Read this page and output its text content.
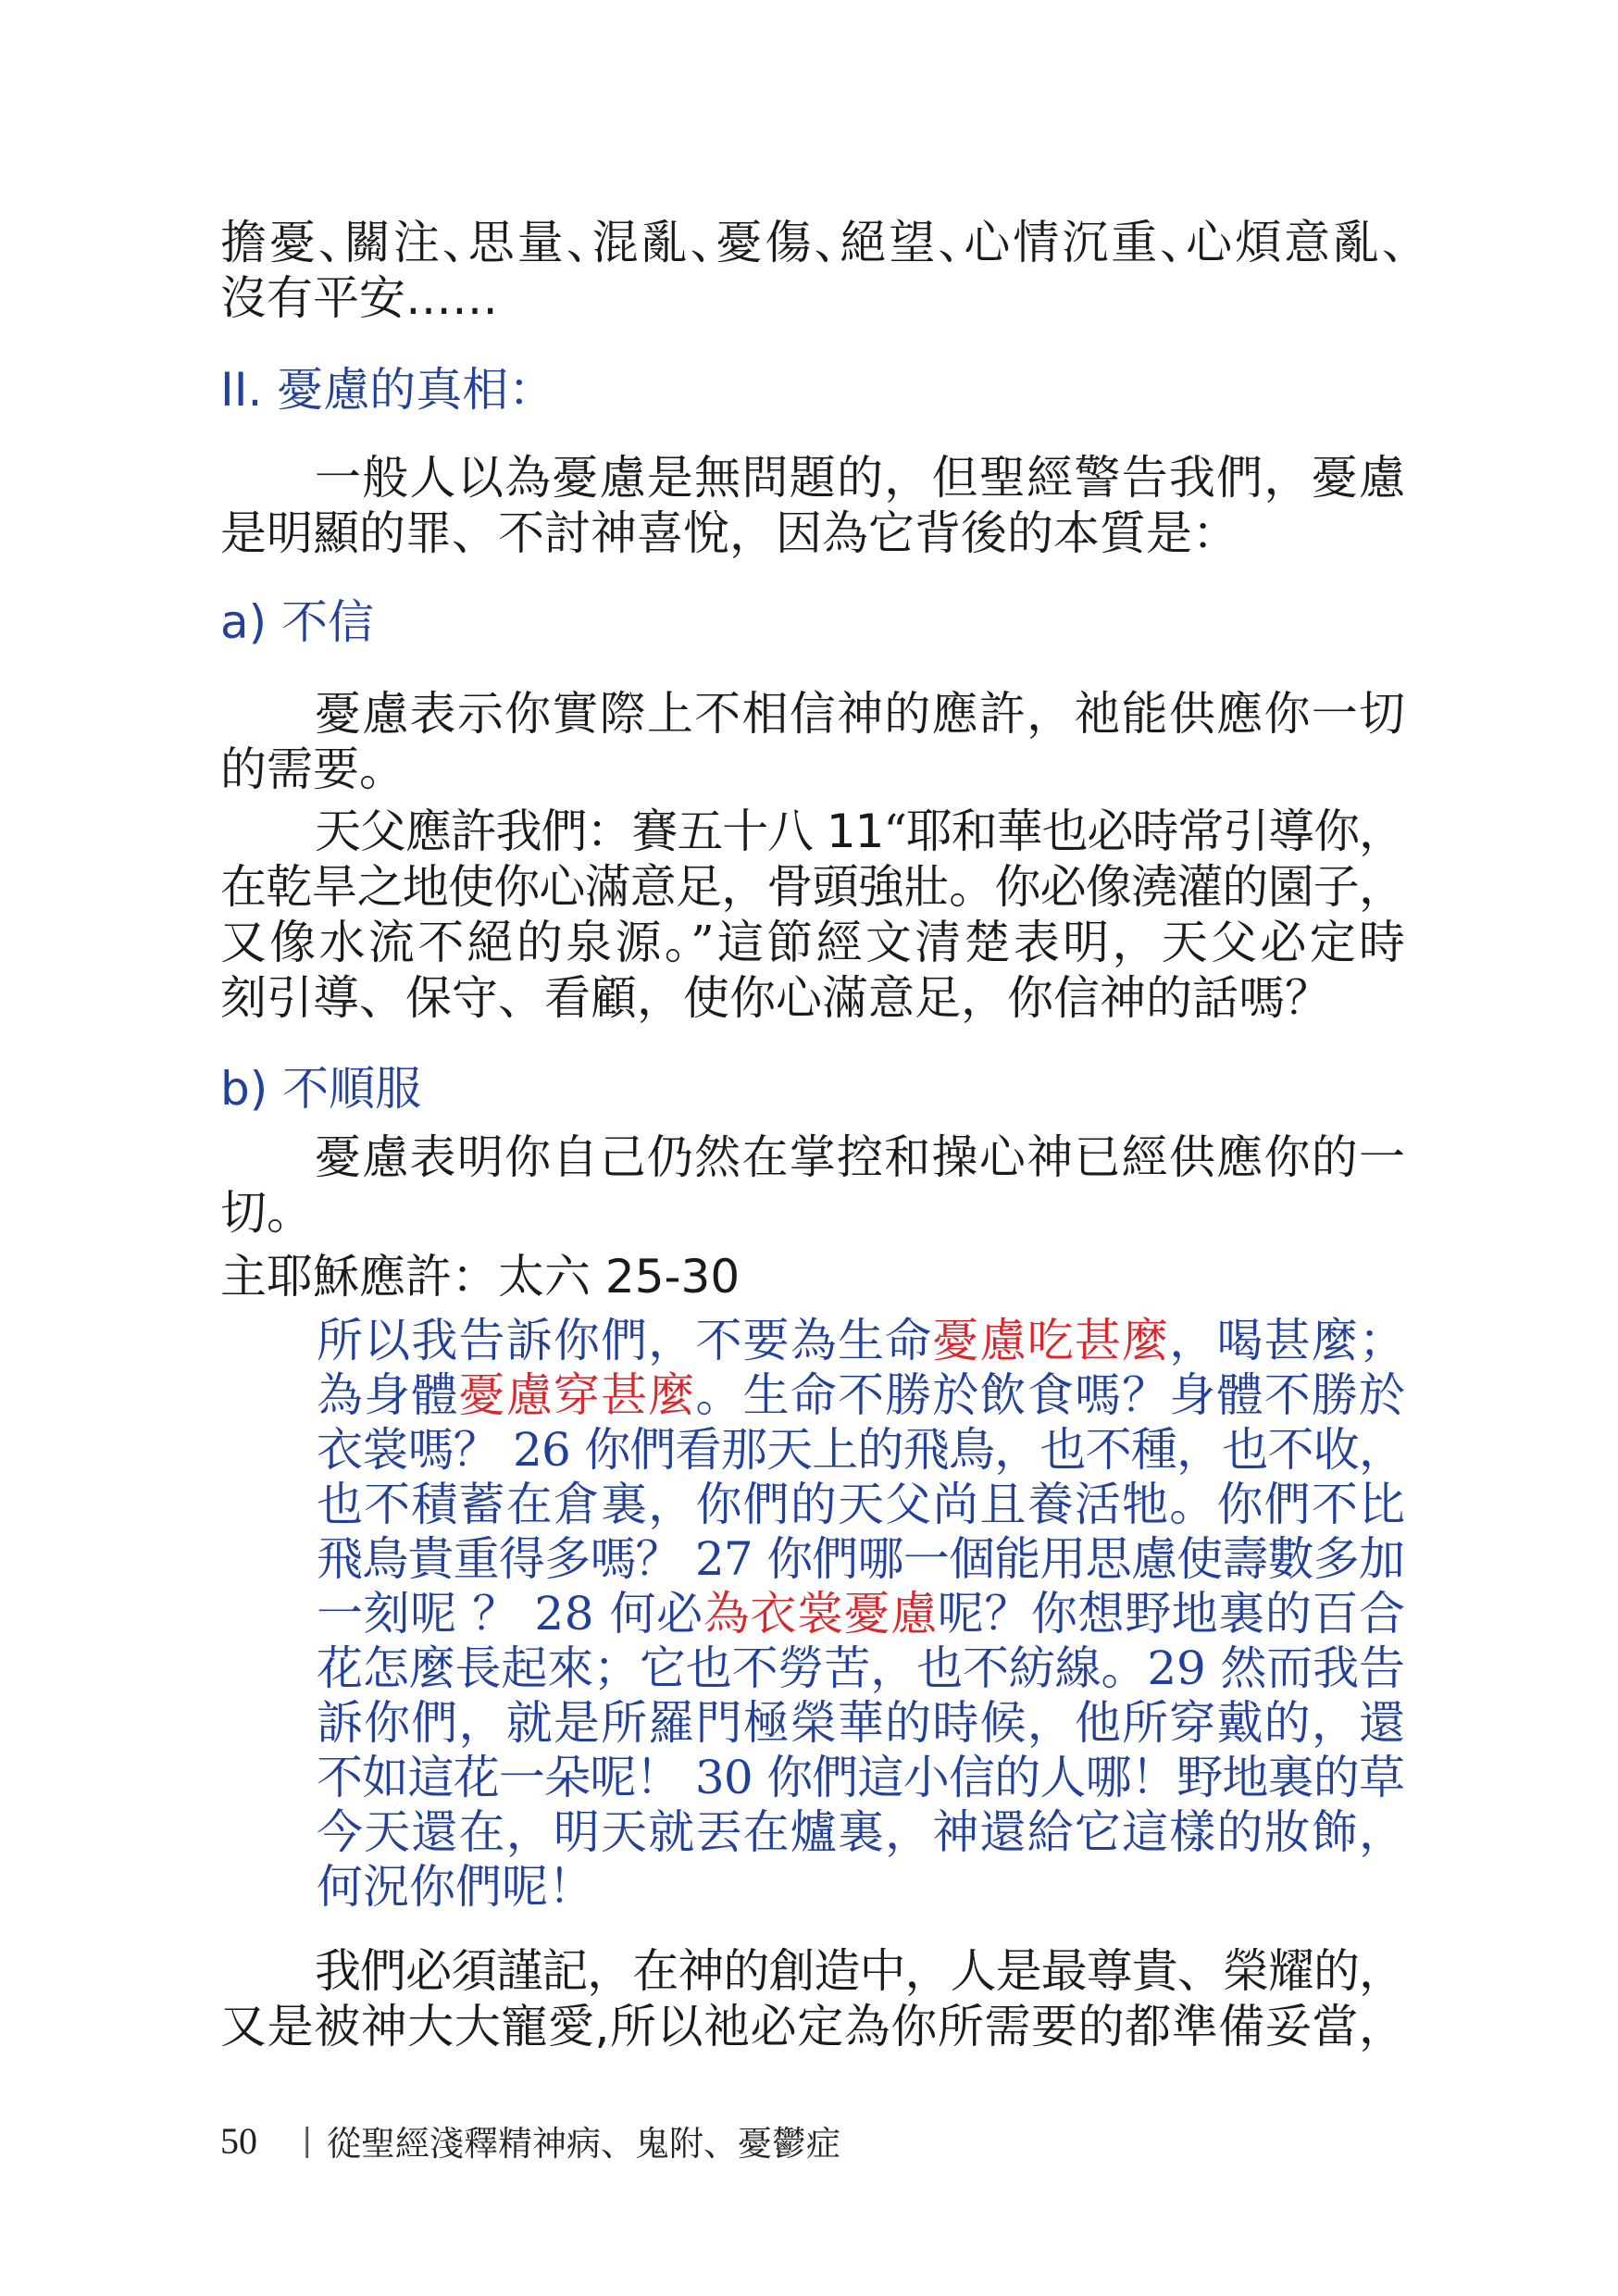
擔憂、關注、思量、混亂、憂傷、絕望、心情沉重、心煩意亂、
沒有平安……
II. 憂慮的真相：
一般人以為憂慮是無問題的，但聖經警告我們，憂慮
是明顯的罪、不討神喜悅，因為它背後的本質是：
a) 不信
憂慮表示你實際上不相信神的應許，祂能供應你一切
的需要。
天父應許我們：賽五十八 11“耶和華也必時常引導你，
在乾旱之地使你心滿意足，骨頭強壯。你必像澆灌的園子，
又像水流不絕的泉源。”這節經文清楚表明，天父必定時
刻引導、保守、看顧，使你心滿意足，你信神的話嗎？
b) 不順服
憂慮表明你自己仍然在掌控和操心神已經供應你的一
切。
主耶穌應許：太六 25-30
所以我告訴你們，不要為生命憂慮吃甚麼，喝甚麼；
為身體憂慮穿甚麼。生命不勝於飲食嗎？身體不勝於
衣裳嗎？ 26 你們看那天上的飛鳥，也不種，也不收，
也不積蓄在倉裏，你們的天父尚且養活牠。你們不比
飛鳥貴重得多嗎？ 27 你們哪一個能用思慮使壽數多加
一刻呢 ？ 28 何必為衣裳憂慮呢？你想野地裏的百合
花怎麼長起來；它也不勞苦，也不紡線。29 然而我告
訴你們，就是所羅門極榮華的時候，他所穿戴的，還
不如這花一朵呢！ 30 你們這小信的人哪！野地裏的草
今天還在，明天就丟在爐裏，神還給它這樣的妝飾，
何況你們呢！
我們必須謹記，在神的創造中，人是最尊貴、榮耀的，
又是被神大大寵愛,所以祂必定為你所需要的都準備妥當，
50	| 從聖經淺釋精神病、鬼附、憂鬱症
